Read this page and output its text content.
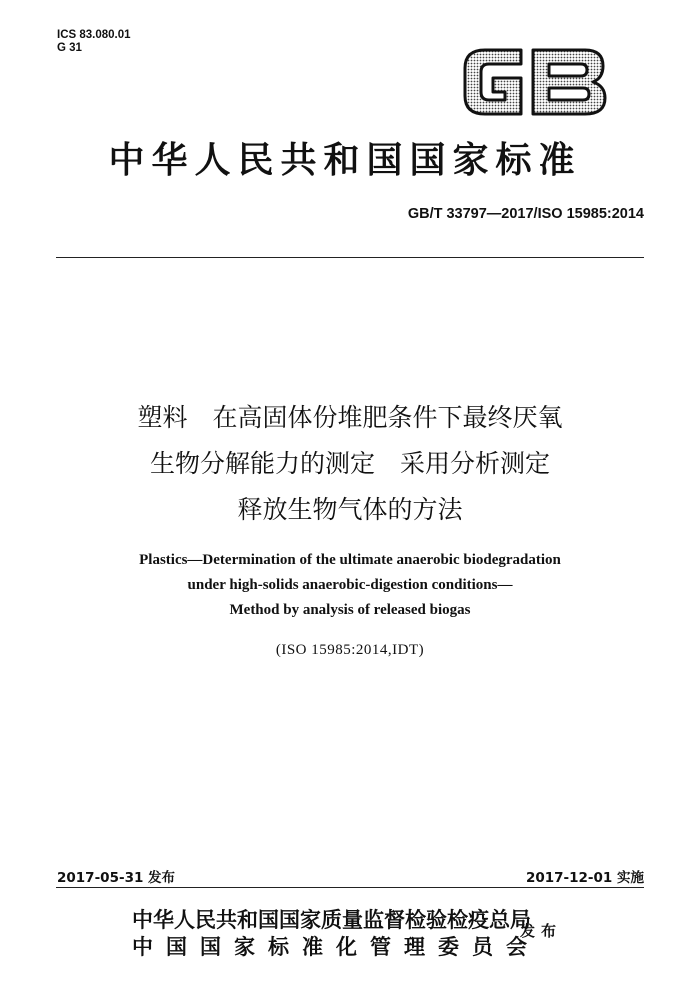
ICS 83.080.01
G 31
中华人民共和国国家标准
GB/T 33797—2017/ISO 15985:2014
塑料　在高固体份堆肥条件下最终厌氧
生物分解能力的测定　采用分析测定
释放生物气体的方法
Plastics—Determination of the ultimate anaerobic biodegradation
under high-solids anaerobic-digestion conditions—
Method by analysis of released biogas
(ISO 15985:2014,IDT)
2017-05-31 发布	2017-12-01 实施
中华人民共和国国家质量监督检验检疫总局
中国国家标准化管理委员会
发布
